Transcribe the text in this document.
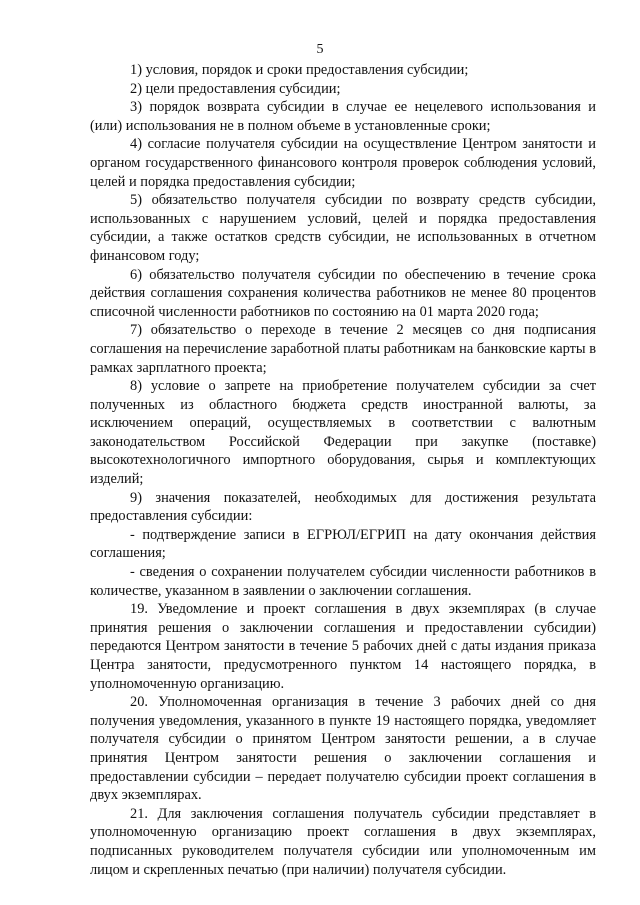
5

1) условия, порядок и сроки предоставления субсидии;

2) цели предоставления субсидии;

3) порядок возврата субсидии в случае ее нецелевого использования и (или) использования не в полном объеме в установленные сроки;

4) согласие получателя субсидии на осуществление Центром занятости и органом государственного финансового контроля проверок соблюдения условий, целей и порядка предоставления субсидии;

5) обязательство получателя субсидии по возврату средств субсидии, использованных с нарушением условий, целей и порядка предоставления субсидии, а также остатков средств субсидии, не использованных в отчетном финансовом году;

6) обязательство получателя субсидии по обеспечению в течение срока действия соглашения сохранения количества работников не менее 80 процентов списочной численности работников по состоянию на 01 марта 2020 года;

7) обязательство о переходе в течение 2 месяцев со дня подписания соглашения на перечисление заработной платы работникам на банковские карты в рамках зарплатного проекта;

8) условие о запрете на приобретение получателем субсидии за счет полученных из областного бюджета средств иностранной валюты, за исключением операций, осуществляемых в соответствии с валютным законодательством Российской Федерации при закупке (поставке) высокотехнологичного импортного оборудования, сырья и комплектующих изделий;

9) значения показателей, необходимых для достижения результата предоставления субсидии:

- подтверждение записи в ЕГРЮЛ/ЕГРИП на дату окончания действия соглашения;

- сведения о сохранении получателем субсидии численности работников в количестве, указанном в заявлении о заключении соглашения.

19. Уведомление и проект соглашения в двух экземплярах (в случае принятия решения о заключении соглашения и предоставлении субсидии) передаются Центром занятости в течение 5 рабочих дней с даты издания приказа Центра занятости, предусмотренного пунктом 14 настоящего порядка, в уполномоченную организацию.

20. Уполномоченная организация в течение 3 рабочих дней со дня получения уведомления, указанного в пункте 19 настоящего порядка, уведомляет получателя субсидии о принятом Центром занятости решении, а в случае принятия Центром занятости решения о заключении соглашения и предоставлении субсидии – передает получателю субсидии проект соглашения в двух экземплярах.

21. Для заключения соглашения получатель субсидии представляет в уполномоченную организацию проект соглашения в двух экземплярах, подписанных руководителем получателя субсидии или уполномоченным им лицом и скрепленных печатью (при наличии) получателя субсидии.
